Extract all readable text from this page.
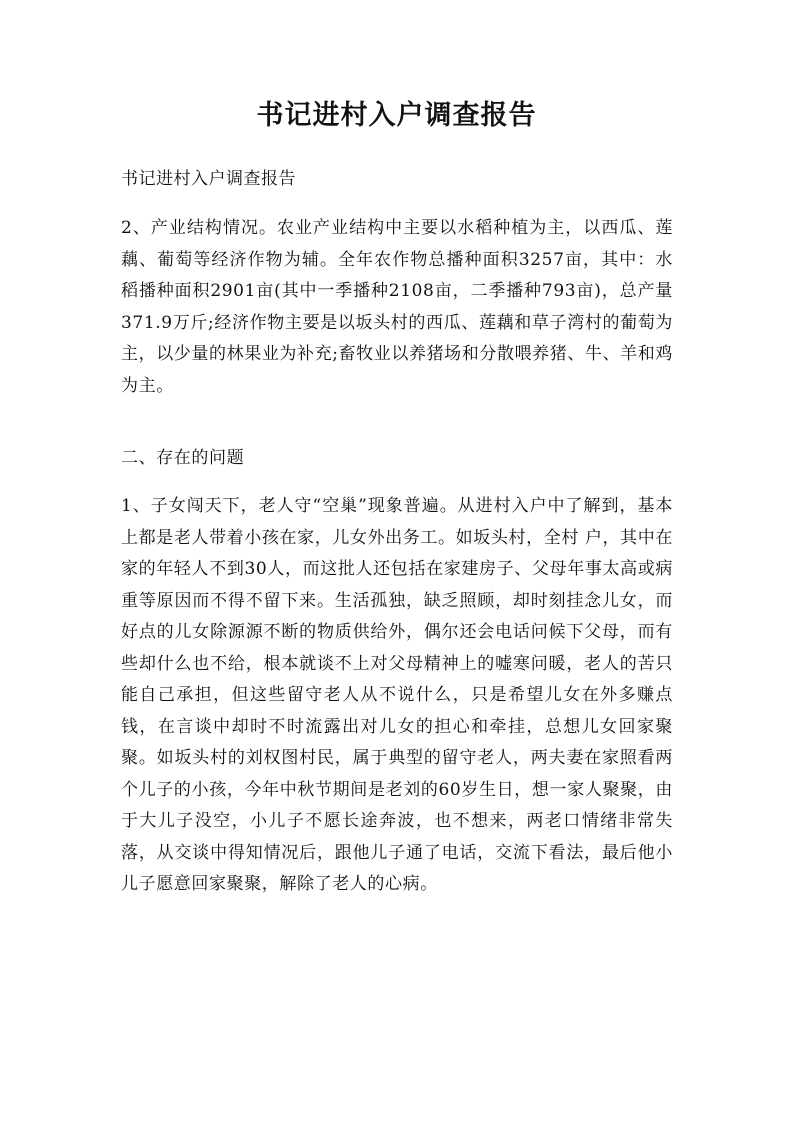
书记进村入户调查报告
书记进村入户调查报告
2、产业结构情况。农业产业结构中主要以水稻种植为主，以西瓜、莲藕、葡萄等经济作物为辅。全年农作物总播种面积3257亩，其中：水稻播种面积2901亩(其中一季播种2108亩，二季播种793亩)，总产量371.9万斤;经济作物主要是以坂头村的西瓜、莲藕和草子湾村的葡萄为主，以少量的林果业为补充;畜牧业以养猪场和分散喂养猪、牛、羊和鸡为主。
二、存在的问题
1、子女闯天下，老人守“空巢”现象普遍。从进村入户中了解到，基本上都是老人带着小孩在家，儿女外出务工。如坂头村，全村 户，其中在家的年轻人不到30人，而这批人还包括在家建房子、父母年事太高或病重等原因而不得不留下来。生活孤独，缺乏照顾，却时刻挂念儿女，而好点的儿女除源源不断的物质供给外，偶尔还会电话问候下父母，而有些却什么也不给，根本就谈不上对父母精神上的嘘寒问暖，老人的苦只能自己承担，但这些留守老人从不说什么，只是希望儿女在外多赚点钱，在言谈中却时不时流露出对儿女的担心和牵挂，总想儿女回家聚聚。如坂头村的刘权图村民，属于典型的留守老人，两夫妻在家照看两个儿子的小孩，今年中秋节期间是老刘的60岁生日，想一家人聚聚，由于大儿子没空，小儿子不愿长途奔波，也不想来，两老口情绪非常失落，从交谈中得知情况后，跟他儿子通了电话，交流下看法，最后他小儿子愿意回家聚聚，解除了老人的心病。
